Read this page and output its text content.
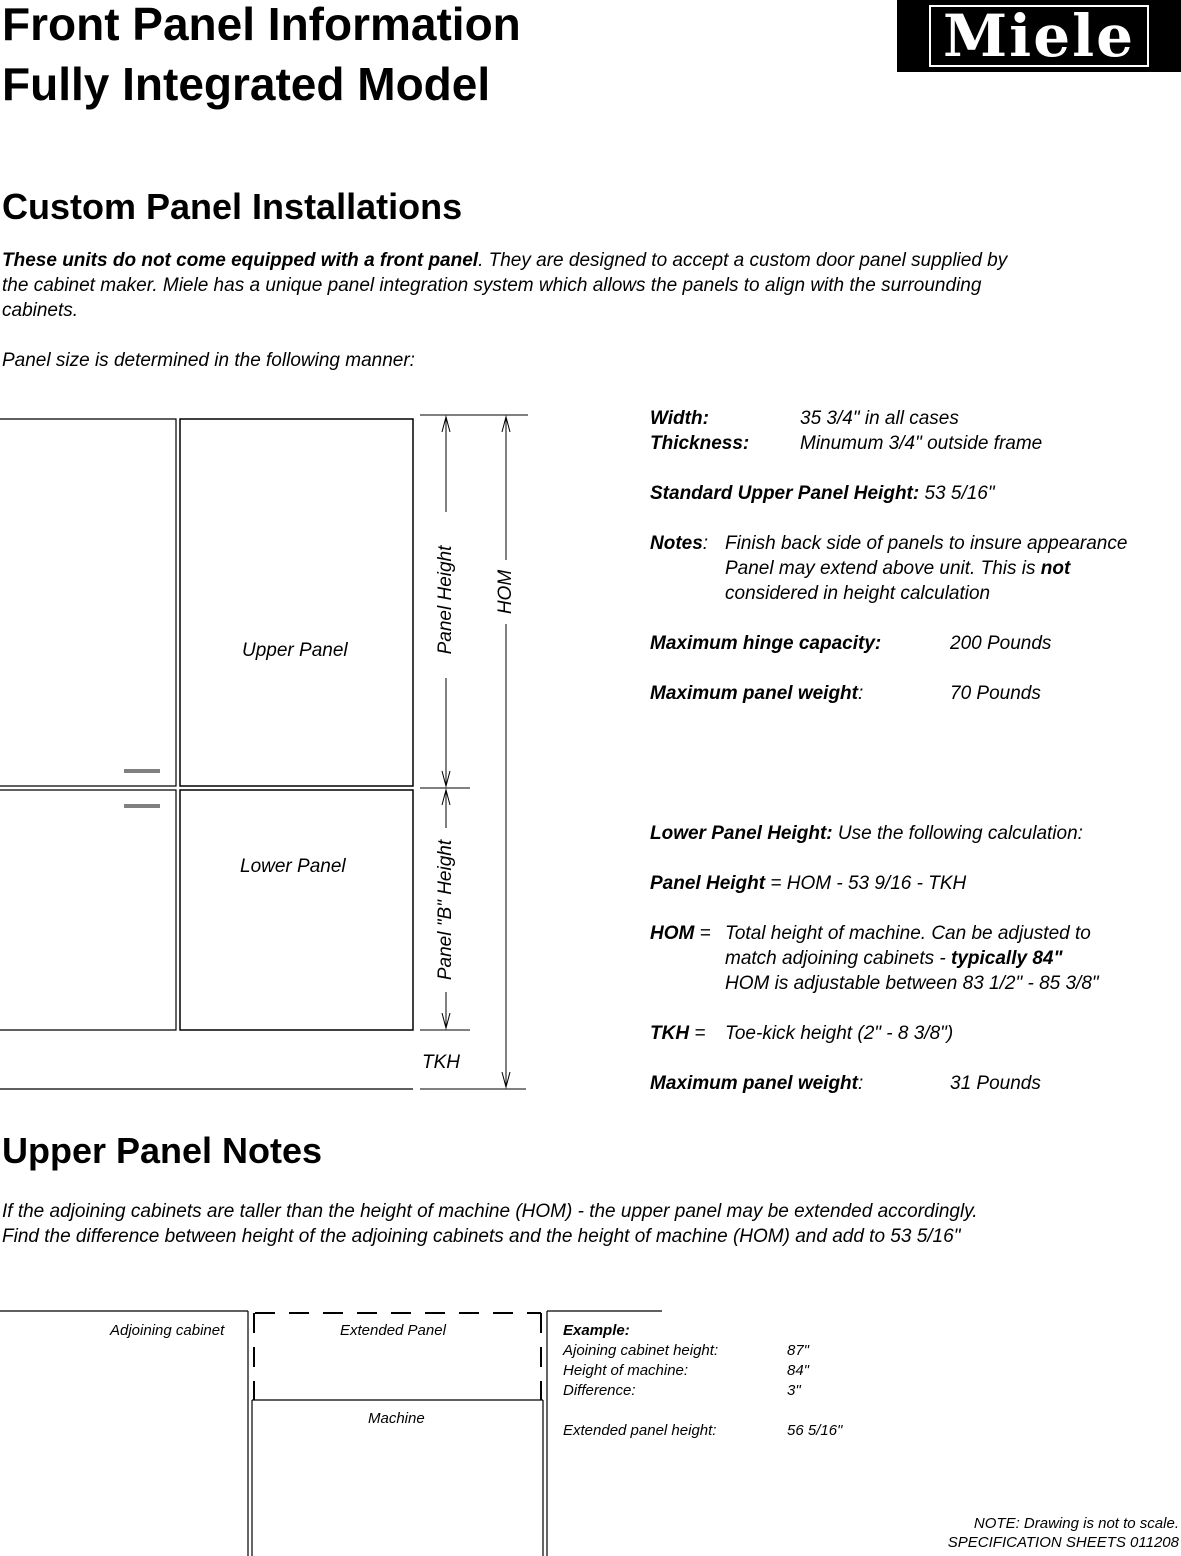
Front Panel Information
Fully Integrated Model
Miele
Custom Panel Installations
These units do not come equipped with a front panel. They are designed to accept a custom door panel supplied by
the cabinet maker. Miele has a unique panel integration system which allows the panels to align with the surrounding
cabinets.
Panel size is determined in the following manner:
Upper Panel
Lower Panel
Panel Height HOM
Panel "B" Height
TKH
Width:	35 3/4" in all cases
Thickness:	Minumum 3/4" outside frame
Standard Upper Panel Height: 53 5/16"
Notes: Finish back side of panels to insure appearance
Panel may extend above unit. This is not
considered in height calculation
Maximum hinge capacity:	200 Pounds
Maximum panel weight:	70 Pounds
Lower Panel Height: Use the following calculation:
Panel Height = HOM - 53 9/16 - TKH
HOM = Total height of machine. Can be adjusted to
match adjoining cabinets - typically 84"
HOM is adjustable between 83 1/2" - 85 3/8"
TKH = Toe-kick height (2" - 8 3/8")
Maximum panel weight:	31 Pounds
Upper Panel Notes
If the adjoining cabinets are taller than the height of machine (HOM) - the upper panel may be extended accordingly.
Find the difference between height of the adjoining cabinets and the height of machine (HOM) and add to 53 5/16"
Adjoining cabinet	Extended Panel
Machine
Example:
Ajoining cabinet height:	87"
Height of machine:	84"
Difference:	3"
Extended panel height:	56 5/16"
NOTE: Drawing is not to scale.
SPECIFICATION SHEETS 011208
